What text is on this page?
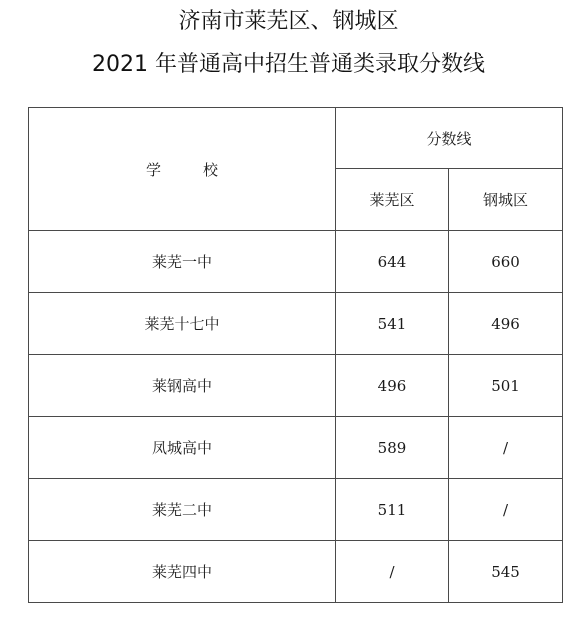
济南市莱芜区、钢城区
2021 年普通高中招生普通类录取分数线
学 校	分数线	
	莱芜区	钢城区
莱芜一中	644	660
莱芜十七中	541	496
莱钢高中	496	501
凤城高中	589	/
莱芜二中	511	/
莱芜四中	/	545
